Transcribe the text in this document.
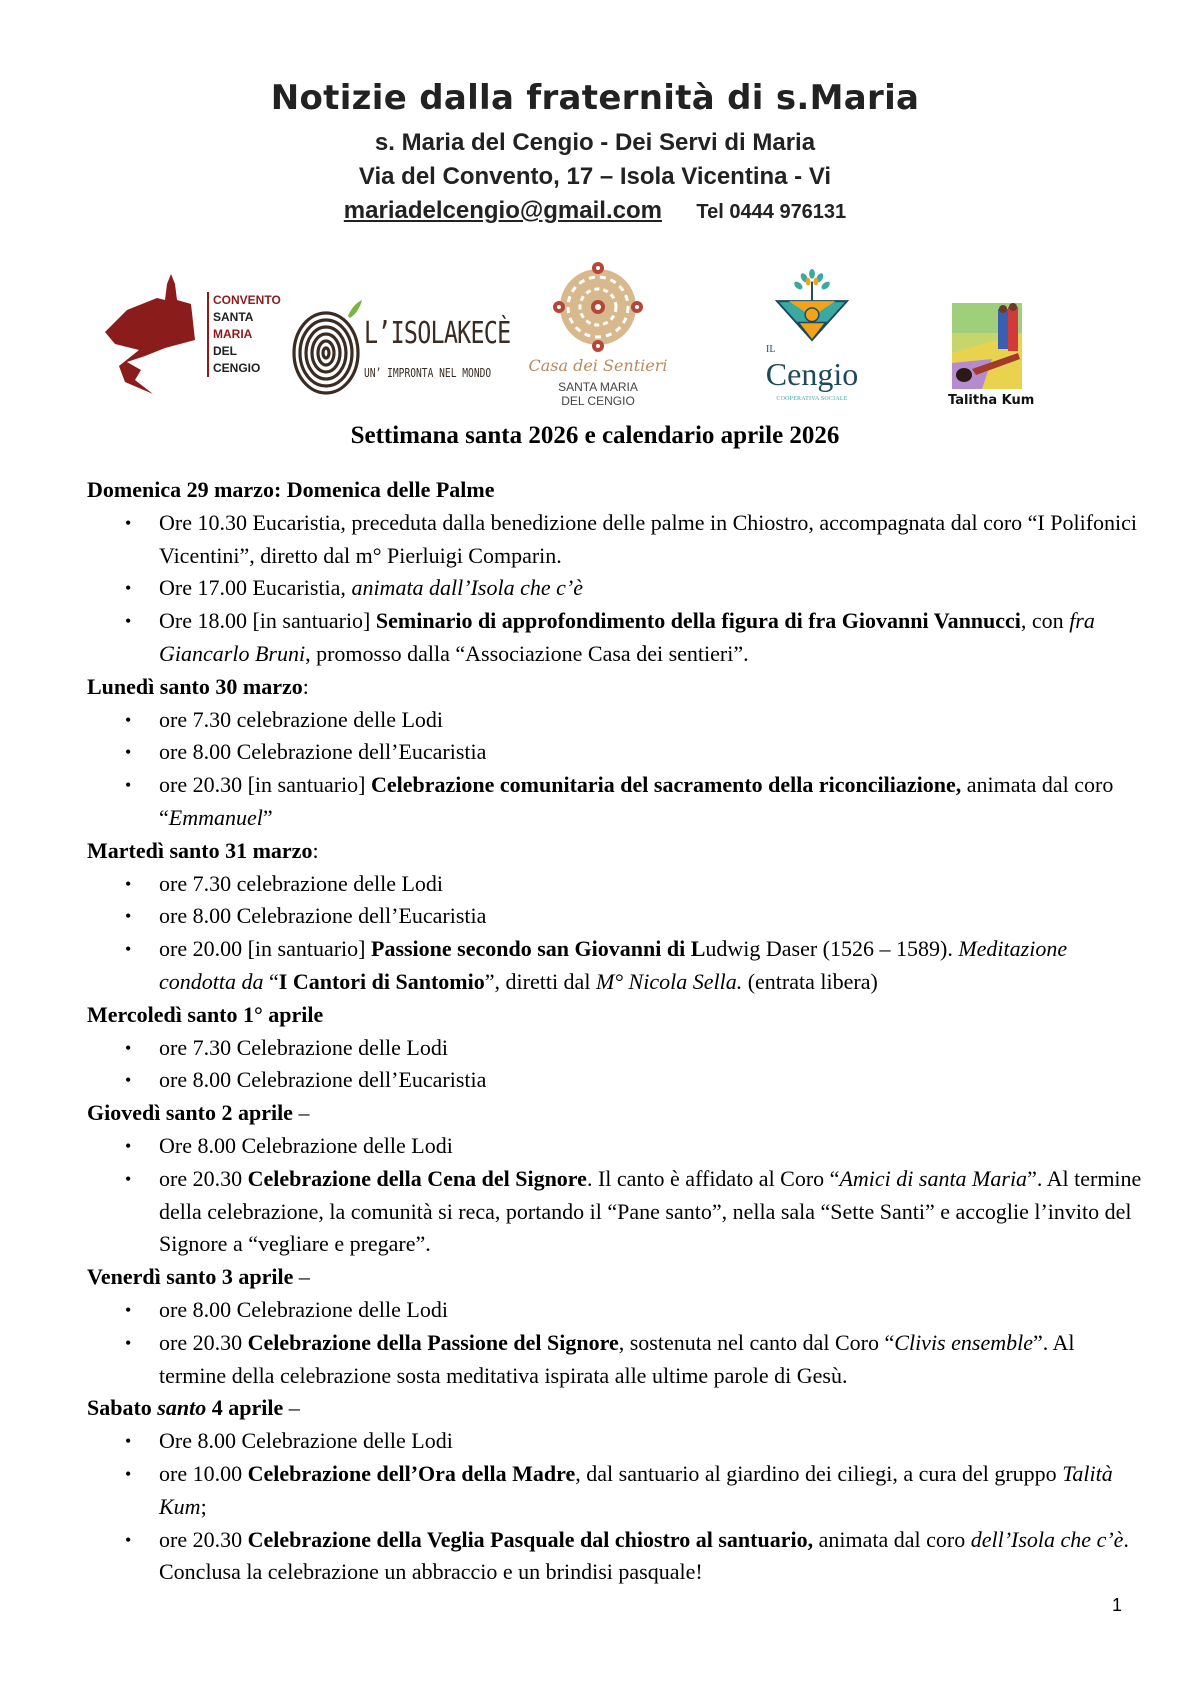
Notizie dalla fraternità di s.Maria

s. Maria del Cengio - Dei Servi di Maria

Via del Convento, 17 – Isola Vicentina - Vi

mariadelcengio@gmail.com Tel 0444 976131

CONVENTO
SANTA
MARIA
DEL
CENGIO
L’ISOLAKECÈ
UN’ IMPRONTA NEL MONDO	Casa dei Sentieri
SANTA MARIA
DEL CENGIO
IL
Cengio
COOPERATIVA SOCIALE	Talitha Kum
Settimana santa 2026 e calendario aprile 2026

Domenica 29 marzo: Domenica delle Palme

• Ore 10.30 Eucaristia, preceduta dalla benedizione delle palme in Chiostro, accompagnata dal coro “I Polifonici Vicentini”, diretto dal m° Pierluigi Comparin.
• Ore 17.00 Eucaristia, animata dall’Isola che c’è
• Ore 18.00 [in santuario] Seminario di approfondimento della figura di fra Giovanni Vannucci, con fra Giancarlo Bruni, promosso dalla “Associazione Casa dei sentieri”.

Lunedì santo 30 marzo:

• ore 7.30 celebrazione delle Lodi
• ore 8.00 Celebrazione dell’Eucaristia
• ore 20.30 [in santuario] Celebrazione comunitaria del sacramento della riconciliazione, animata dal coro “Emmanuel”

Martedì santo 31 marzo:

• ore 7.30 celebrazione delle Lodi
• ore 8.00 Celebrazione dell’Eucaristia
• ore 20.00 [in santuario] Passione secondo san Giovanni di Ludwig Daser (1526 – 1589). Meditazione condotta da “I Cantori di Santomio”, diretti dal M° Nicola Sella. (entrata libera)

Mercoledì santo 1° aprile

• ore 7.30 Celebrazione delle Lodi
• ore 8.00 Celebrazione dell’Eucaristia

Giovedì santo 2 aprile –

• Ore 8.00 Celebrazione delle Lodi
• ore 20.30 Celebrazione della Cena del Signore. Il canto è affidato al Coro “Amici di santa Maria”. Al termine della celebrazione, la comunità si reca, portando il “Pane santo”, nella sala “Sette Santi” e accoglie l’invito del Signore a “vegliare e pregare”.

Venerdì santo 3 aprile –

• ore 8.00 Celebrazione delle Lodi
• ore 20.30 Celebrazione della Passione del Signore, sostenuta nel canto dal Coro “Clivis ensemble”. Al termine della celebrazione sosta meditativa ispirata alle ultime parole di Gesù.

Sabato santo 4 aprile –

• Ore 8.00 Celebrazione delle Lodi
• ore 10.00 Celebrazione dell’Ora della Madre, dal santuario al giardino dei ciliegi, a cura del gruppo Talità Kum;
• ore 20.30 Celebrazione della Veglia Pasquale dal chiostro al santuario, animata dal coro dell’Isola che c’è. Conclusa la celebrazione un abbraccio e un brindisi pasquale!
1
